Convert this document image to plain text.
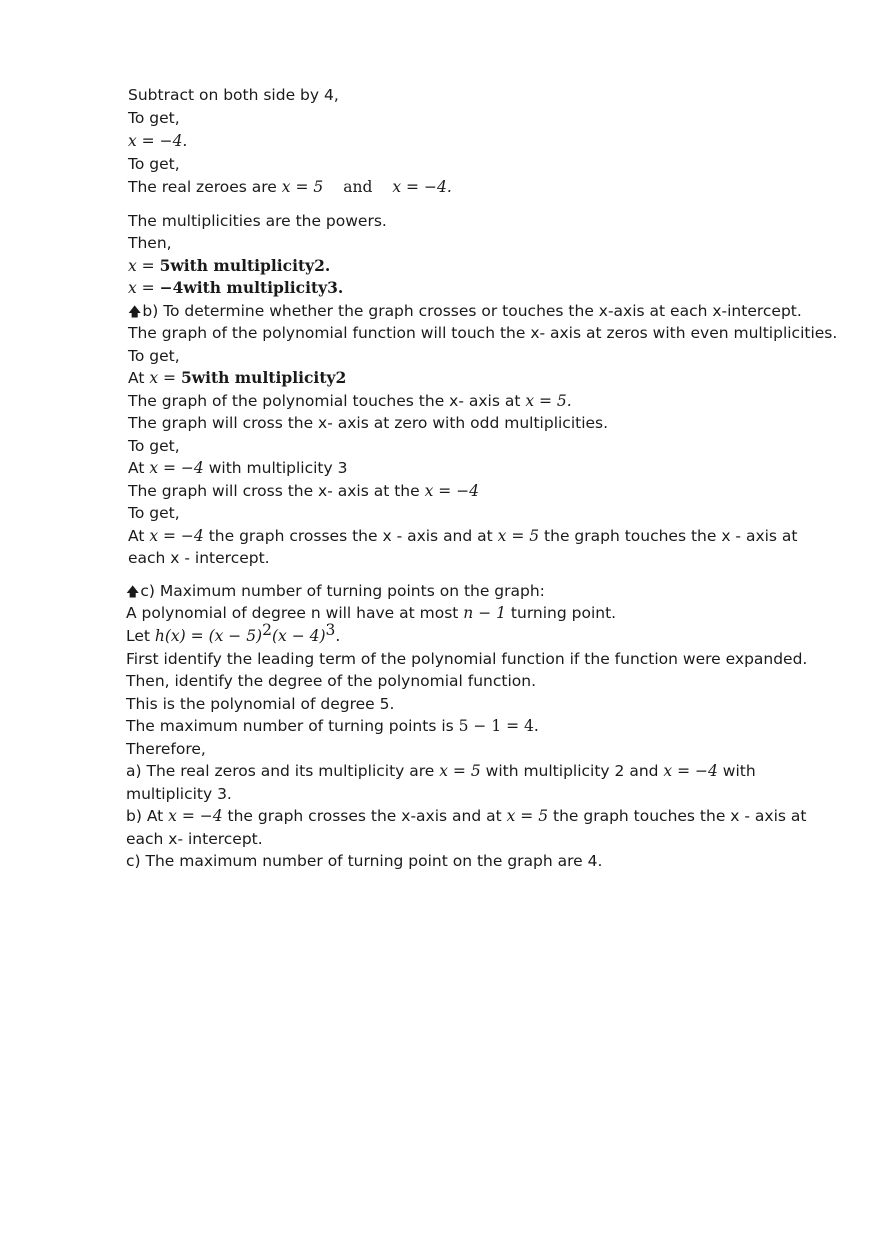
Subtract on both side by 4,
To get,
x = −4.
To get,
The real zeroes are x = 5 and x = −4.
The multiplicities are the powers.
Then,
x = 5with multiplicity2.
x = −4with multiplicity3.
🡅b) To determine whether the graph crosses or touches the x-axis at each x-intercept.
The graph of the polynomial function will touch the x- axis at zeros with even multiplicities.
To get,
At x = 5with multiplicity2
The graph of the polynomial touches the x- axis at x = 5.
The graph will cross the x- axis at zero with odd multiplicities.
To get,
At x = −4 with multiplicity 3
The graph will cross the x- axis at the x = −4
To get,
At x = −4 the graph crosses the x - axis and at x = 5 the graph touches the x - axis at
each x - intercept.
🡅c) Maximum number of turning points on the graph:
A polynomial of degree n will have at most n − 1 turning point.
Let $h(x) = (x - 5)^2(x - 4)^3$.
First identify the leading term of the polynomial function if the function were expanded.
Then, identify the degree of the polynomial function.
This is the polynomial of degree 5.
The maximum number of turning points is 5 − 1 = 4.
Therefore,
a) The real zeros and its multiplicity are x = 5 with multiplicity 2 and x = −4 with
multiplicity 3.
b) At x = −4 the graph crosses the x-axis and at x = 5 the graph touches the x - axis at
each x- intercept.
c) The maximum number of turning point on the graph are 4.
